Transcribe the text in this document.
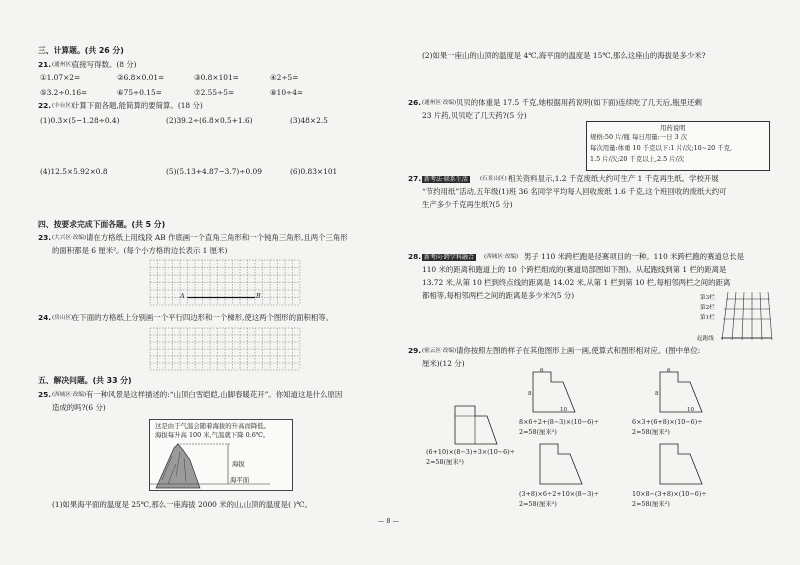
三、计算题。(共 26 分)
21. (通州区)
直接写得数。(8 分)
①1.07×2=	②6.8×0.01=	③0.8×101=	④2÷5=
⑤3.2÷0.16=	⑥75÷0.15=	⑦2.55÷5=	⑧10÷4=
22. (丰台区)
计算下面各题,能简算的要简算。(18 分)
(1)0.3×(5−1.28÷0.4)	(2)39.2÷(6.8×0.5+1.6)	(3)48×2.5
(4)12.5×5.92×0.8	(5)(5.13+4.87−3.7)÷0.09	(6)0.83×101
四、按要求完成下面各题。(共 5 分)
23. (大兴区·改编) 请在方格纸上用线段 AB 作底画一个直角三角形和一个钝角三角形,且两个三角形
的面积都是 6 厘米²。(每个小方格的边长表示 1 厘米)
A	B
24. (房山区)
在下面的方格纸上分别画一个平行四边形和一个梯形,使这两个图形的面积相等。
五、解决问题。(共 33 分)
25. (西城区·改编) 有一种风景是这样描述的:“山顶白雪皑皑,山脚春暖花开”。你知道这是什么原因
造成的吗?(6 分)
这是由于气温会随着海拔的升高而降低。
海拔每升高 100 米,气温就下降 0.6℃。
海拔
海平面
(1)如果海平面的温度是 25℃,那么一座海拔 2000 米的山,山顶的温度是( )℃。
(2)如果一座山的山顶的温度是 4℃,海平面的温度是 15℃,那么这座山的海拔是多少米?
26. (通州区·改编) 贝贝的体重是 17.5 千克,她根据用药说明(如下面)连续吃了几天后,瓶里还剩
23 片药,贝贝吃了几天药?(5 分)
用药说明
规格:50 片/瓶 每日用量:一日 3 次
每次用量:体重 10 千克以下:1 片/次;10∼20 千克,
1.5 片/次;20 千克以上,2.5 片/次
27. 新考法·联系生活	(石景山区) 相关资料显示,1.2 千克废纸大约可生产 1 千克再生纸。学校开展
“节约用纸”活动,五年级(1)班 36 名同学平均每人回收废纸 1.6 千克,这个班回收的废纸大约可
生产多少千克再生纸?(5 分)
28. 新考向·跨学科融合	(西城区·改编) 男子 110 米跨栏跑是径赛项目的一种。110 米跨栏跑的赛道总长是
110 米的距离和跑道上的 10 个跨栏组成的(赛道局部图如下图)。从起跑线到第 1 栏的距离是
13.72 米,从第 10 栏到终点线的距离是 14.02 米,从第 1 栏到第 10 栏,每相邻两栏之间的距离
都相等,每相邻两栏之间的距离是多少米?(5 分)	第3栏
第2栏
第1栏
起跑线
29. (密云区·改编) 请你按照左图的样子在其他图形上画一画,使算式和图形相对应。(图中单位:
厘米)(12 分)
6
8
10
6
8
10
8×6÷2+(8−3)×(10−6)÷
2=58(厘米²)
6×3+(6+8)×(10−6)÷
2=58(厘米²)
(6+10)×(8−3)+3×(10−6)÷
2=58(厘米²)
(3+8)×6÷2+10×(8−3)÷
2=58(厘米²)
10×8−(3+8)×(10−6)÷
2=58(厘米²)
— 8 —
